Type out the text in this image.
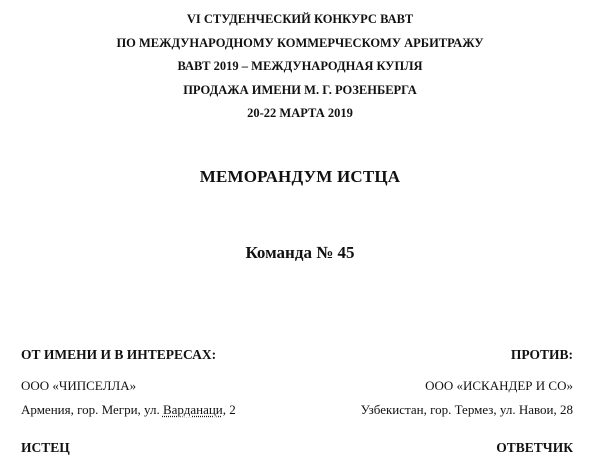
VI СТУДЕНЧЕСКИЙ КОНКУРС ВАВТ
ПО МЕЖДУНАРОДНОМУ КОММЕРЧЕСКОМУ АРБИТРАЖУ
ВАВТ 2019 – МЕЖДУНАРОДНАЯ КУПЛЯ
ПРОДАЖА ИМЕНИ М. Г. РОЗЕНБЕРГА
20-22 МАРТА 2019
МЕМОРАНДУМ ИСТЦА
Команда № 45
ОТ ИМЕНИ И В ИНТЕРЕСАХ:	ПРОТИВ:
ООО «ЧИПСЕЛЛА»	ООО «ИСКАНДЕР И СО»
Армения, гор. Мегри, ул. Варданаци, 2	Узбекистан, гор. Термез, ул. Навои, 28
ИСТЕЦ	ОТВЕТЧИК
